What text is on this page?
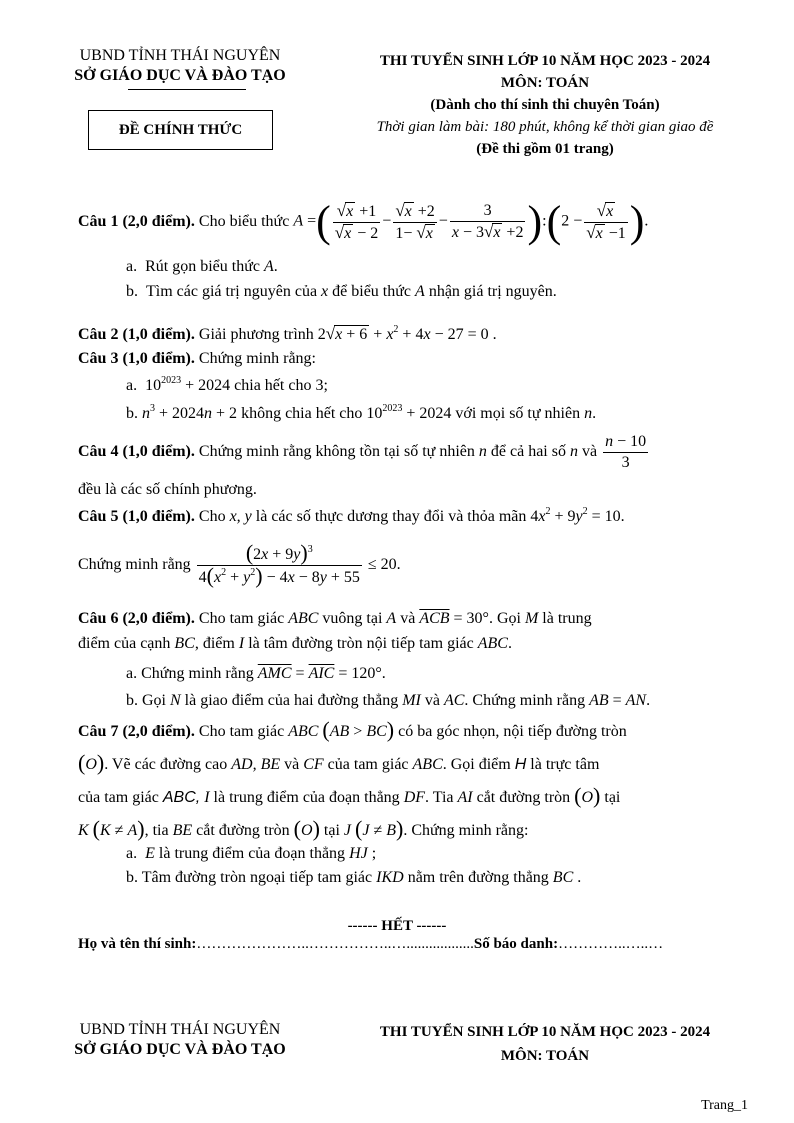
UBND TỈNH THÁI NGUYÊN
SỞ GIÁO DỤC VÀ ĐÀO TẠO
ĐỀ CHÍNH THỨC
THI TUYỂN SINH LỚP 10 NĂM HỌC 2023 - 2024
MÔN: TOÁN
(Dành cho thí sinh thi chuyên Toán)
Thời gian làm bài: 180 phút, không kể thời gian giao đề
(Đề thi gồm 01 trang)
Câu 1 (2,0 điểm). Cho biểu thức A =( $\frac{√x +1}{√x - 2} - \frac{√x +2}{1- √x} - \frac{3}{x - 3√x +2}$ ):(2 − $\frac{√x}{√x -1}$ ).
a. Rút gọn biểu thức A.
b. Tìm các giá trị nguyên của x để biểu thức A nhận giá trị nguyên.
Câu 2 (1,0 điểm). Giải phương trình $2√x + 6 + x^2 + 4x - 27 = 0$ .
Câu 3 (1,0 điểm). Chứng minh rằng:
a.  $10^{2023} + 2024$ chia hết cho 3;
b. $n^3 + 2024n + 2$ không chia hết cho $10^{2023} + 2024$ với mọi số tự nhiên n.
Câu 4 (1,0 điểm). Chứng minh rằng không tồn tại số tự nhiên n để cả hai số n và $\frac{n - 10}{3}$
đều là các số chính phương.
Câu 5 (1,0 điểm). Cho x, y là các số thực dương thay đổi và thỏa mãn $4x^2 + 9y^2 = 10$.
Chứng minh rằng $\frac{(2x + 9y)^3}{4(x^2 + y^2) - 4x - 8y + 55} \le 20$.
Câu 6 (2,0 điểm). Cho tam giác ABC vuông tại A và $\overline{ACB} = 30^\circ$. Gọi M là trung
điểm của cạnh BC, điểm I là tâm đường tròn nội tiếp tam giác ABC.
a. Chứng minh rằng $\overline{AMC} = \overline{AIC} = 120^\circ$.
b. Gọi N là giao điểm của hai đường thẳng MI và AC. Chứng minh rằng AB = AN.
Câu 7 (2,0 điểm). Cho tam giác ABC (AB > BC) có ba góc nhọn, nội tiếp đường tròn
(O). Vẽ các đường cao AD, BE và CF của tam giác ABC. Gọi điểm H là trực tâm
của tam giác ABC, I là trung điểm của đoạn thẳng DF. Tia AI cắt đường tròn (O) tại
K (K ≠ A), tia BE cắt đường tròn (O) tại J (J ≠ B). Chứng minh rằng:
a. E là trung điểm của đoạn thẳng HJ ;
b. Tâm đường tròn ngoại tiếp tam giác IKD nằm trên đường thẳng BC .
------ HẾT ------
Họ và tên thí sinh:…………………..……………..…..................Số báo danh:…………..…..…
UBND TỈNH THÁI NGUYÊN
SỞ GIÁO DỤC VÀ ĐÀO TẠO
THI TUYỂN SINH LỚP 10 NĂM HỌC 2023 - 2024
MÔN: TOÁN
Trang_1
